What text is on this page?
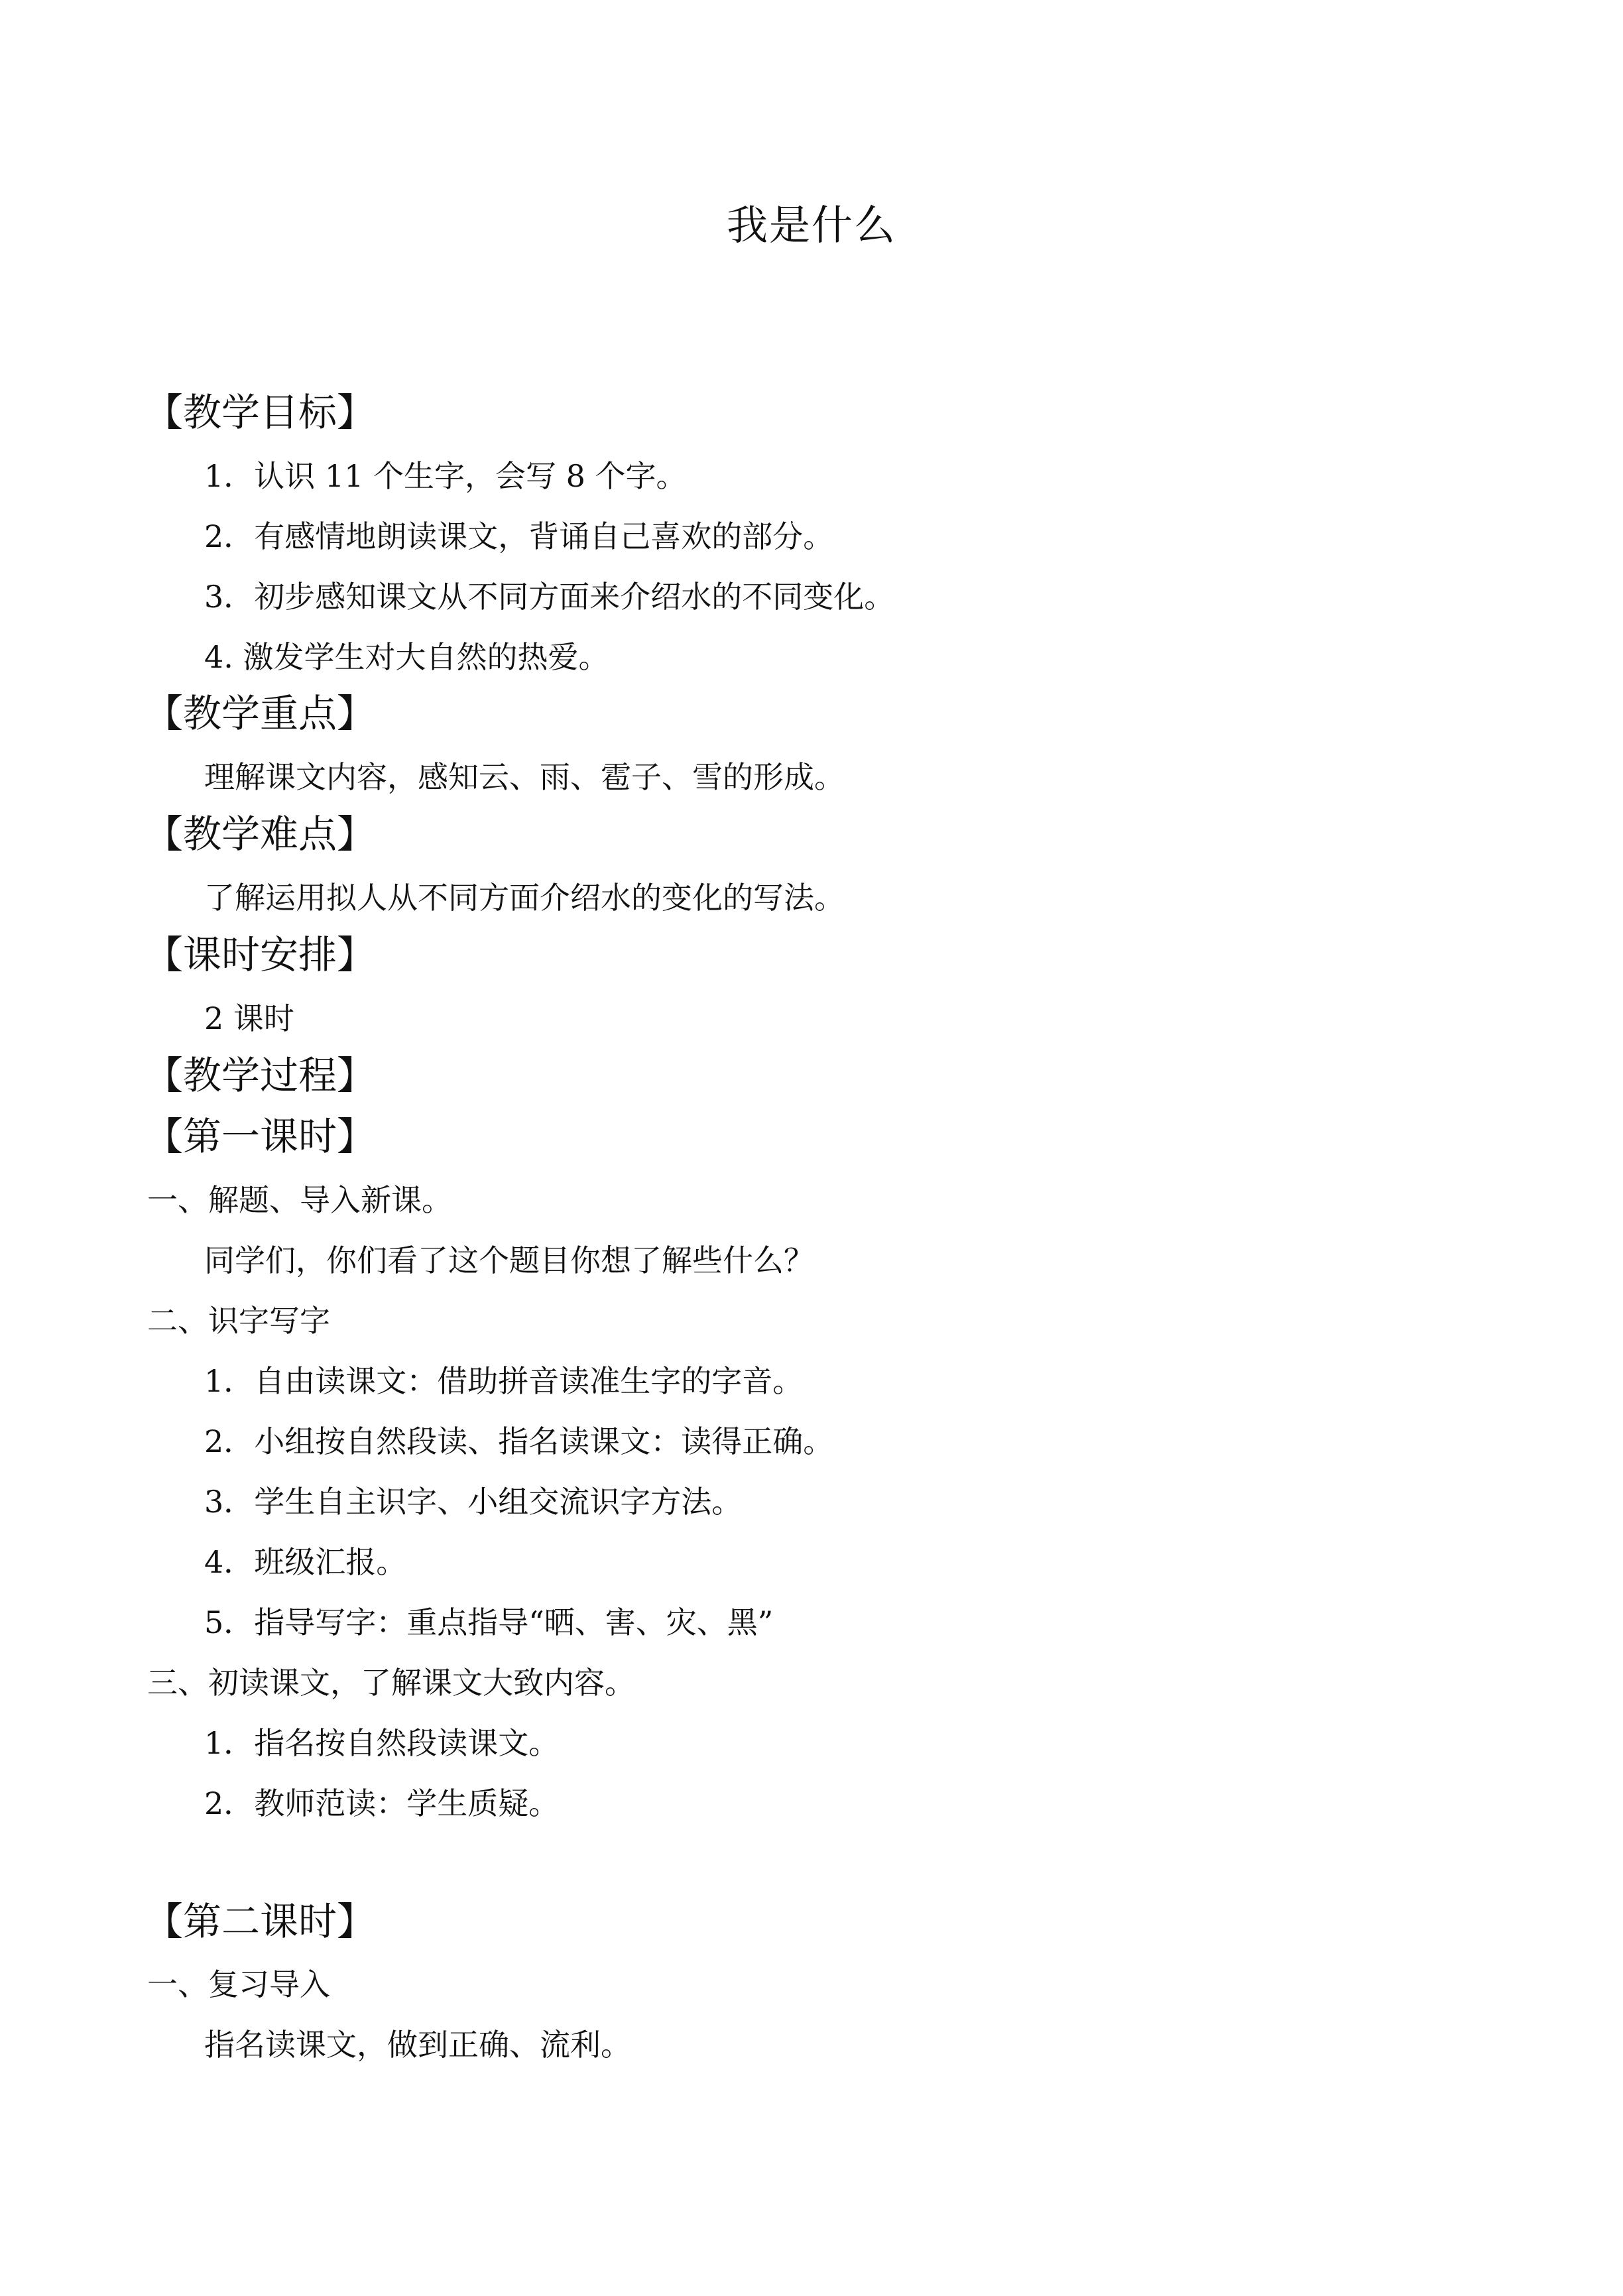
我是什么
【教学目标】
1．认识 11 个生字，会写 8 个字。
2．有感情地朗读课文，背诵自己喜欢的部分。
3．初步感知课文从不同方面来介绍水的不同变化。
4. 激发学生对大自然的热爱。
【教学重点】
理解课文内容，感知云、雨、雹子、雪的形成。
【教学难点】
了解运用拟人从不同方面介绍水的变化的写法。
【课时安排】
2 课时
【教学过程】
【第一课时】
一、解题、导入新课。
同学们，你们看了这个题目你想了解些什么？
二、识字写字
1．自由读课文：借助拼音读准生字的字音。
2．小组按自然段读、指名读课文：读得正确。
3．学生自主识字、小组交流识字方法。
4．班级汇报。
5．指导写字：重点指导“晒、害、灾、黑”
三、初读课文，了解课文大致内容。
1．指名按自然段读课文。
2．教师范读：学生质疑。
【第二课时】
一、复习导入
指名读课文，做到正确、流利。
